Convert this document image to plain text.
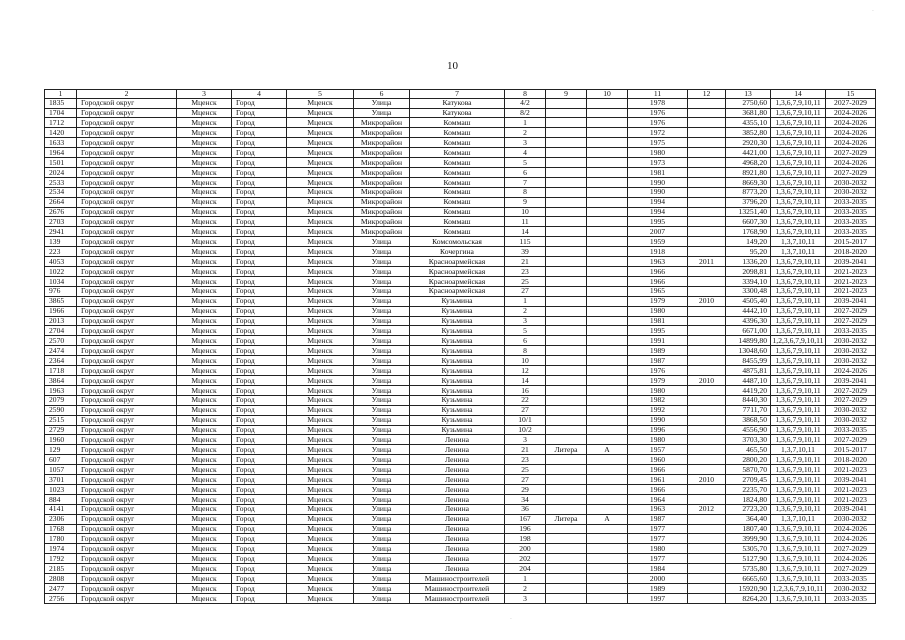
10
1	2	3	4	5	6	7	8	9	10	11	12	13	14	15
1835	Городской округ	Мценск	Город	Мценск	Улица	Катукова	4/2			1978		2750,60	1,3,6,7,9,10,11	2027-2029
1704	Городской округ	Мценск	Город	Мценск	Улица	Катукова	8/2			1976		3681,80	1,3,6,7,9,10,11	2024-2026
1712	Городской округ	Мценск	Город	Мценск	Микрорайон	Коммаш	1			1976		4355,10	1,3,6,7,9,10,11	2024-2026
1420	Городской округ	Мценск	Город	Мценск	Микрорайон	Коммаш	2			1972		3852,80	1,3,6,7,9,10,11	2024-2026
1633	Городской округ	Мценск	Город	Мценск	Микрорайон	Коммаш	3			1975		2920,30	1,3,6,7,9,10,11	2024-2026
1964	Городской округ	Мценск	Город	Мценск	Микрорайон	Коммаш	4			1980		4421,00	1,3,6,7,9,10,11	2027-2029
1501	Городской округ	Мценск	Город	Мценск	Микрорайон	Коммаш	5			1973		4968,20	1,3,6,7,9,10,11	2024-2026
2024	Городской округ	Мценск	Город	Мценск	Микрорайон	Коммаш	6			1981		8921,80	1,3,6,7,9,10,11	2027-2029
2533	Городской округ	Мценск	Город	Мценск	Микрорайон	Коммаш	7			1990		8669,30	1,3,6,7,9,10,11	2030-2032
2534	Городской округ	Мценск	Город	Мценск	Микрорайон	Коммаш	8			1990		8773,20	1,3,6,7,9,10,11	2030-2032
2664	Городской округ	Мценск	Город	Мценск	Микрорайон	Коммаш	9			1994		3796,20	1,3,6,7,9,10,11	2033-2035
2676	Городской округ	Мценск	Город	Мценск	Микрорайон	Коммаш	10			1994		13251,40	1,3,6,7,9,10,11	2033-2035
2703	Городской округ	Мценск	Город	Мценск	Микрорайон	Коммаш	11			1995		6607,30	1,3,6,7,9,10,11	2033-2035
2941	Городской округ	Мценск	Город	Мценск	Микрорайон	Коммаш	14			2007		1768,90	1,3,6,7,9,10,11	2033-2035
139	Городской округ	Мценск	Город	Мценск	Улица	Комсомольская	115			1959		149,20	1,3,7,10,11	2015-2017
223	Городской округ	Мценск	Город	Мценск	Улица	Кочергина	39			1918		95,20	1,3,7,10,11	2018-2020
4053	Городской округ	Мценск	Город	Мценск	Улица	Красноармейская	21			1963	2011	1336,20	1,3,6,7,9,10,11	2039-2041
1022	Городской округ	Мценск	Город	Мценск	Улица	Красноармейская	23			1966		2098,81	1,3,6,7,9,10,11	2021-2023
1034	Городской округ	Мценск	Город	Мценск	Улица	Красноармейская	25			1966		3394,10	1,3,6,7,9,10,11	2021-2023
976	Городской округ	Мценск	Город	Мценск	Улица	Красноармейская	27			1965		3300,48	1,3,6,7,9,10,11	2021-2023
3865	Городской округ	Мценск	Город	Мценск	Улица	Кузьмина	1			1979	2010	4505,40	1,3,6,7,9,10,11	2039-2041
1966	Городской округ	Мценск	Город	Мценск	Улица	Кузьмина	2			1980		4442,10	1,3,6,7,9,10,11	2027-2029
2013	Городской округ	Мценск	Город	Мценск	Улица	Кузьмина	3			1981		4396,30	1,3,6,7,9,10,11	2027-2029
2704	Городской округ	Мценск	Город	Мценск	Улица	Кузьмина	5			1995		6671,00	1,3,6,7,9,10,11	2033-2035
2570	Городской округ	Мценск	Город	Мценск	Улица	Кузьмина	6			1991		14899,80	1,2,3,6,7,9,10,11	2030-2032
2474	Городской округ	Мценск	Город	Мценск	Улица	Кузьмина	8			1989		13048,60	1,3,6,7,9,10,11	2030-2032
2364	Городской округ	Мценск	Город	Мценск	Улица	Кузьмина	10			1987		8455,99	1,3,6,7,9,10,11	2030-2032
1718	Городской округ	Мценск	Город	Мценск	Улица	Кузьмина	12			1976		4875,81	1,3,6,7,9,10,11	2024-2026
3864	Городской округ	Мценск	Город	Мценск	Улица	Кузьмина	14			1979	2010	4487,10	1,3,6,7,9,10,11	2039-2041
1963	Городской округ	Мценск	Город	Мценск	Улица	Кузьмина	16			1980		4419,20	1,3,6,7,9,10,11	2027-2029
2079	Городской округ	Мценск	Город	Мценск	Улица	Кузьмина	22			1982		8440,30	1,3,6,7,9,10,11	2027-2029
2590	Городской округ	Мценск	Город	Мценск	Улица	Кузьмина	27			1992		7711,70	1,3,6,7,9,10,11	2030-2032
2515	Городской округ	Мценск	Город	Мценск	Улица	Кузьмина	10/1			1990		3868,50	1,3,6,7,9,10,11	2030-2032
2729	Городской округ	Мценск	Город	Мценск	Улица	Кузьмина	10/2			1996		4556,90	1,3,6,7,9,10,11	2033-2035
1960	Городской округ	Мценск	Город	Мценск	Улица	Ленина	3			1980		3703,30	1,3,6,7,9,10,11	2027-2029
129	Городской округ	Мценск	Город	Мценск	Улица	Ленина	21	Литера	А	1957		465,50	1,3,7,10,11	2015-2017
607	Городской округ	Мценск	Город	Мценск	Улица	Ленина	23			1960		2800,20	1,3,6,7,9,10,11	2018-2020
1057	Городской округ	Мценск	Город	Мценск	Улица	Ленина	25			1966		5870,70	1,3,6,7,9,10,11	2021-2023
3701	Городской округ	Мценск	Город	Мценск	Улица	Ленина	27			1961	2010	2709,45	1,3,6,7,9,10,11	2039-2041
1023	Городской округ	Мценск	Город	Мценск	Улица	Ленина	29			1966		2235,70	1,3,6,7,9,10,11	2021-2023
884	Городской округ	Мценск	Город	Мценск	Улица	Ленина	34			1964		1824,80	1,3,6,7,9,10,11	2021-2023
4141	Городской округ	Мценск	Город	Мценск	Улица	Ленина	36			1963	2012	2723,20	1,3,6,7,9,10,11	2039-2041
2306	Городской округ	Мценск	Город	Мценск	Улица	Ленина	167	Литера	А	1987		364,40	1,3,7,10,11	2030-2032
1768	Городской округ	Мценск	Город	Мценск	Улица	Ленина	196			1977		1807,40	1,3,6,7,9,10,11	2024-2026
1780	Городской округ	Мценск	Город	Мценск	Улица	Ленина	198			1977		3999,90	1,3,6,7,9,10,11	2024-2026
1974	Городской округ	Мценск	Город	Мценск	Улица	Ленина	200			1980		5305,70	1,3,6,7,9,10,11	2027-2029
1792	Городской округ	Мценск	Город	Мценск	Улица	Ленина	202			1977		5127,90	1,3,6,7,9,10,11	2024-2026
2185	Городской округ	Мценск	Город	Мценск	Улица	Ленина	204			1984		5735,80	1,3,6,7,9,10,11	2027-2029
2808	Городской округ	Мценск	Город	Мценск	Улица	Машиностроителей	1			2000		6665,60	1,3,6,7,9,10,11	2033-2035
2477	Городской округ	Мценск	Город	Мценск	Улица	Машиностроителей	2			1989		15920,90	1,2,3,6,7,9,10,11	2030-2032
2756	Городской округ	Мценск	Город	Мценск	Улица	Машиностроителей	3			1997		8264,20	1,3,6,7,9,10,11	2033-2035
·
·
